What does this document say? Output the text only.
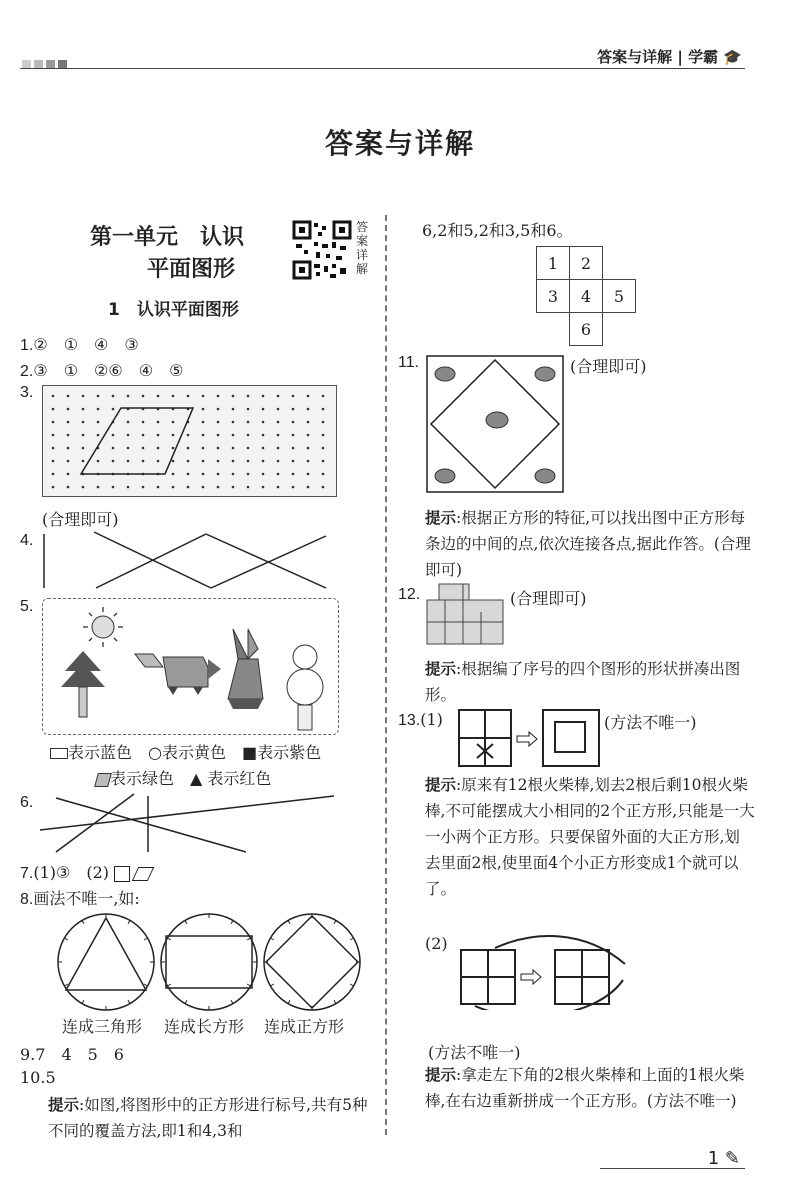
答案与详解 | 学霸 🎓
答案与详解
第一单元　认识
平面图形
答案详解
1　认识平面图形
1.②　①　④　③
2.③　①　②⑥　④　⑤
3.
(合理即可)
4.
5.
表示蓝色　○表示黄色　■表示紫色
表示绿色　 ▲ 表示红色
6.
7.(1)③　(2)
8.画法不唯一,如:
连成三角形 连成长方形 连成正方形
9.7　4　5　6
10.5
提示:如图,将图形中的正方形进行标号,共有5种不同的覆盖方法,即1和4,3和
6,2和5,2和3,5和6。
1	2	
3	4	5
	6	
11.	(合理即可)
提示:根据正方形的特征,可以找出图中正方形每条边的中间的点,依次连接各点,据此作答。(合理即可)
12.	(合理即可)
提示:根据编了序号的四个图形的形状拼凑出图形。
13.(1)	(方法不唯一)
提示:原来有12根火柴棒,划去2根后剩10根火柴棒,不可能摆成大小相同的2个正方形,只能是一大一小两个正方形。只要保留外面的大正方形,划去里面2根,使里面4个小正方形变成1个就可以了。
(2)
(方法不唯一)
提示:拿走左下角的2根火柴棒和上面的1根火柴棒,在右边重新拼成一个正方形。(方法不唯一)
1 ✎
